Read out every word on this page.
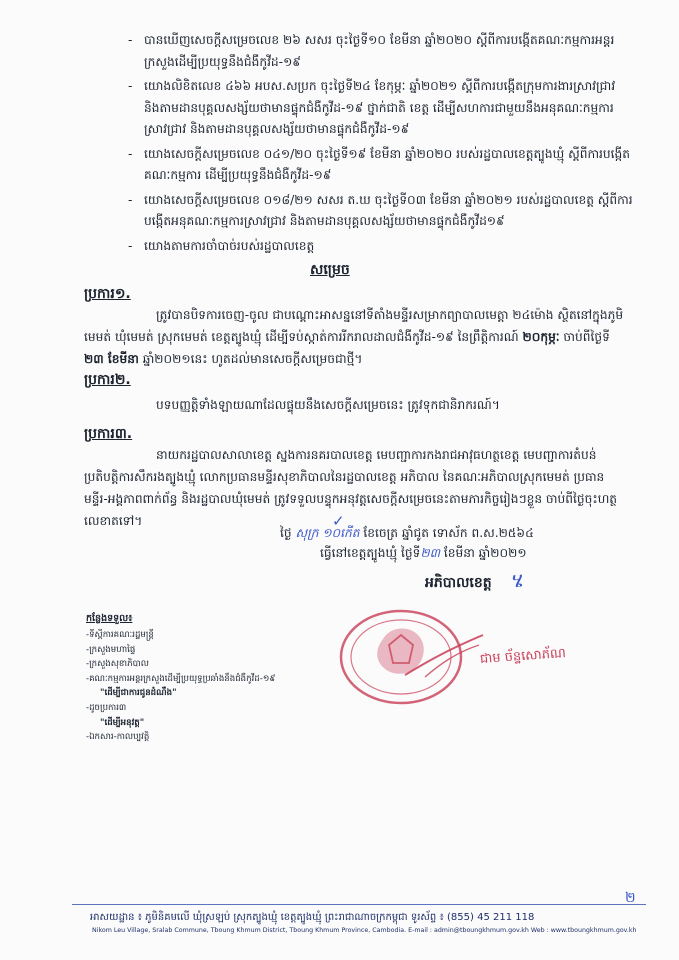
- បានឃើញសេចក្ដីសម្រេចលេខ ២៦ សសរ ចុះថ្ងៃទី១០ ខែមីនា ឆ្នាំ២០២០ ស្ដីពីការបង្កើតគណៈកម្មការអន្តរក្រសួងដើម្បីប្រយុទ្ធនឹងជំងឺកូវីដ-១៩
- យោងលិខិតលេខ ៤៦៦ អបស.សប្រក ចុះថ្ងៃទី២៤ ខែកុម្ភៈ ឆ្នាំ២០២១ ស្ដីពីការបង្កើតក្រុមការងារស្រាវជ្រាវ និងតាមដានបុគ្គលសង្ស័យថាមានផ្ទុកជំងឺកូវីដ-១៩ ថ្នាក់ជាតិ ខេត្ត ដើម្បីសហការជាមួយនឹងអនុគណៈកម្មការស្រាវជ្រាវ និងតាមដានបុគ្គលសង្ស័យថាមានផ្ទុកជំងឺកូវីដ-១៩
- យោងសេចក្ដីសម្រេចលេខ ០៤១/២០ ចុះថ្ងៃទី១៩ ខែមីនា ឆ្នាំ២០២០ របស់រដ្ឋបាលខេត្តត្បូងឃ្មុំ ស្ដីពីការបង្កើតគណៈកម្មការ ដើម្បីប្រយុទ្ធនឹងជំងឺកូវីដ-១៩
- យោងសេចក្ដីសម្រេចលេខ ០១៨/២១ សសរ ត.ឃ ចុះថ្ងៃទី០៣ ខែមីនា ឆ្នាំ២០២១ របស់រដ្ឋបាលខេត្ត ស្ដីពីការបង្កើតអនុគណៈកម្មការស្រាវជ្រាវ និងតាមដានបុគ្គលសង្ស័យថាមានផ្ទុកជំងឺកូវីដ១៩
- យោងតាមការចាំបាច់របស់រដ្ឋបាលខេត្ត
សម្រេច
ប្រការ១.
ត្រូវបានបិទការចេញ-ចូល ជាបណ្ដោះអាសន្ននៅទីតាំងមន្ទីរសម្រាកព្យាបាលមេត្តា ២៤ម៉ោង ស្ថិតនៅក្នុងភូមិមេមត់ ឃុំមេមត់ ស្រុកមេមត់ ខេត្តត្បូងឃ្មុំ ដើម្បីទប់ស្កាត់ការរីករាលដាលជំងឺកូវីដ-១៩ នៃព្រឹត្តិការណ៍ ២០កុម្ភៈ ចាប់ពីថ្ងៃទី ២៣ ខែមីនា ឆ្នាំ២០២១នេះ ហូតដល់មានសេចក្ដីសម្រេចជាថ្មី។
ប្រការ២.
បទបញ្ញត្តិទាំងឡាយណាដែលផ្ទុយនឹងសេចក្ដីសម្រេចនេះ ត្រូវទុកជានិរាករណ៍។
ប្រការ៣.
នាយករដ្ឋបាលសាលាខេត្ត ស្នងការនគរបាលខេត្ត មេបញ្ជាការកងរាជអាវុធហត្ថខេត្ត មេបញ្ជាការតំបន់ប្រតិបត្តិការសឹករងត្បូងឃ្មុំ លោកប្រធានមន្ទីរសុខាភិបាលនៃរដ្ឋបាលខេត្ត អភិបាល នៃគណៈអភិបាលស្រុកមេមត់ ប្រធានមន្ទីរ-អង្គភាពពាក់ព័ន្ធ និងរដ្ឋបាលឃុំមេមត់ ត្រូវទទួលបន្ទុកអនុវត្តសេចក្ដីសម្រេចនេះតាមភារកិច្ចរៀងៗខ្លួន ចាប់ពីថ្ងៃចុះហត្ថលេខាតទៅ។	✓
ថ្ងៃ សុក្រ ១០កើត ខែចេត្រ ឆ្នាំជូត ទោស័ក ព.ស.២៥៦៤
ធ្វើនៅខេត្តត្បូងឃ្មុំ ថ្ងៃទី២៣ ខែមីនា ឆ្នាំ២០២១
អភិបាលខេត្ត ሄ
ជាម ច័ន្ទសោភ័ណ
កន្លែងទទួល៖
-ទីស្ដីការគណៈរដ្ឋមន្ត្រី
-ក្រសួងមហាផ្ទៃ
-ក្រសួងសុខាភិបាល
-គណៈកម្មការអន្តរក្រសួងដើម្បីប្រយុទ្ធប្រឆាំងនឹងជំងឺកូវីដ-១៩
"ដើម្បីជាការជូនដំណឹង"
-ដូចប្រការ៣
"ដើម្បីអនុវត្ត"
-ឯកសារ-កាលប្បវត្តិ
២
អាសយដ្ឋាន ៖ ភូមិនិគមលើ ឃុំស្រឡប់ ស្រុកត្បូងឃ្មុំ ខេត្តត្បូងឃ្មុំ ព្រះរាជាណាចក្រកម្ពុជា ទូរស័ព្ទ ៖ (855) 45 211 118
Nikom Leu Village, Sralab Commune, Tboung Khmum District, Tboung Khmum Province, Cambodia. E-mail : admin@tboungkhmum.gov.kh Web : www.tboungkhmum.gov.kh
